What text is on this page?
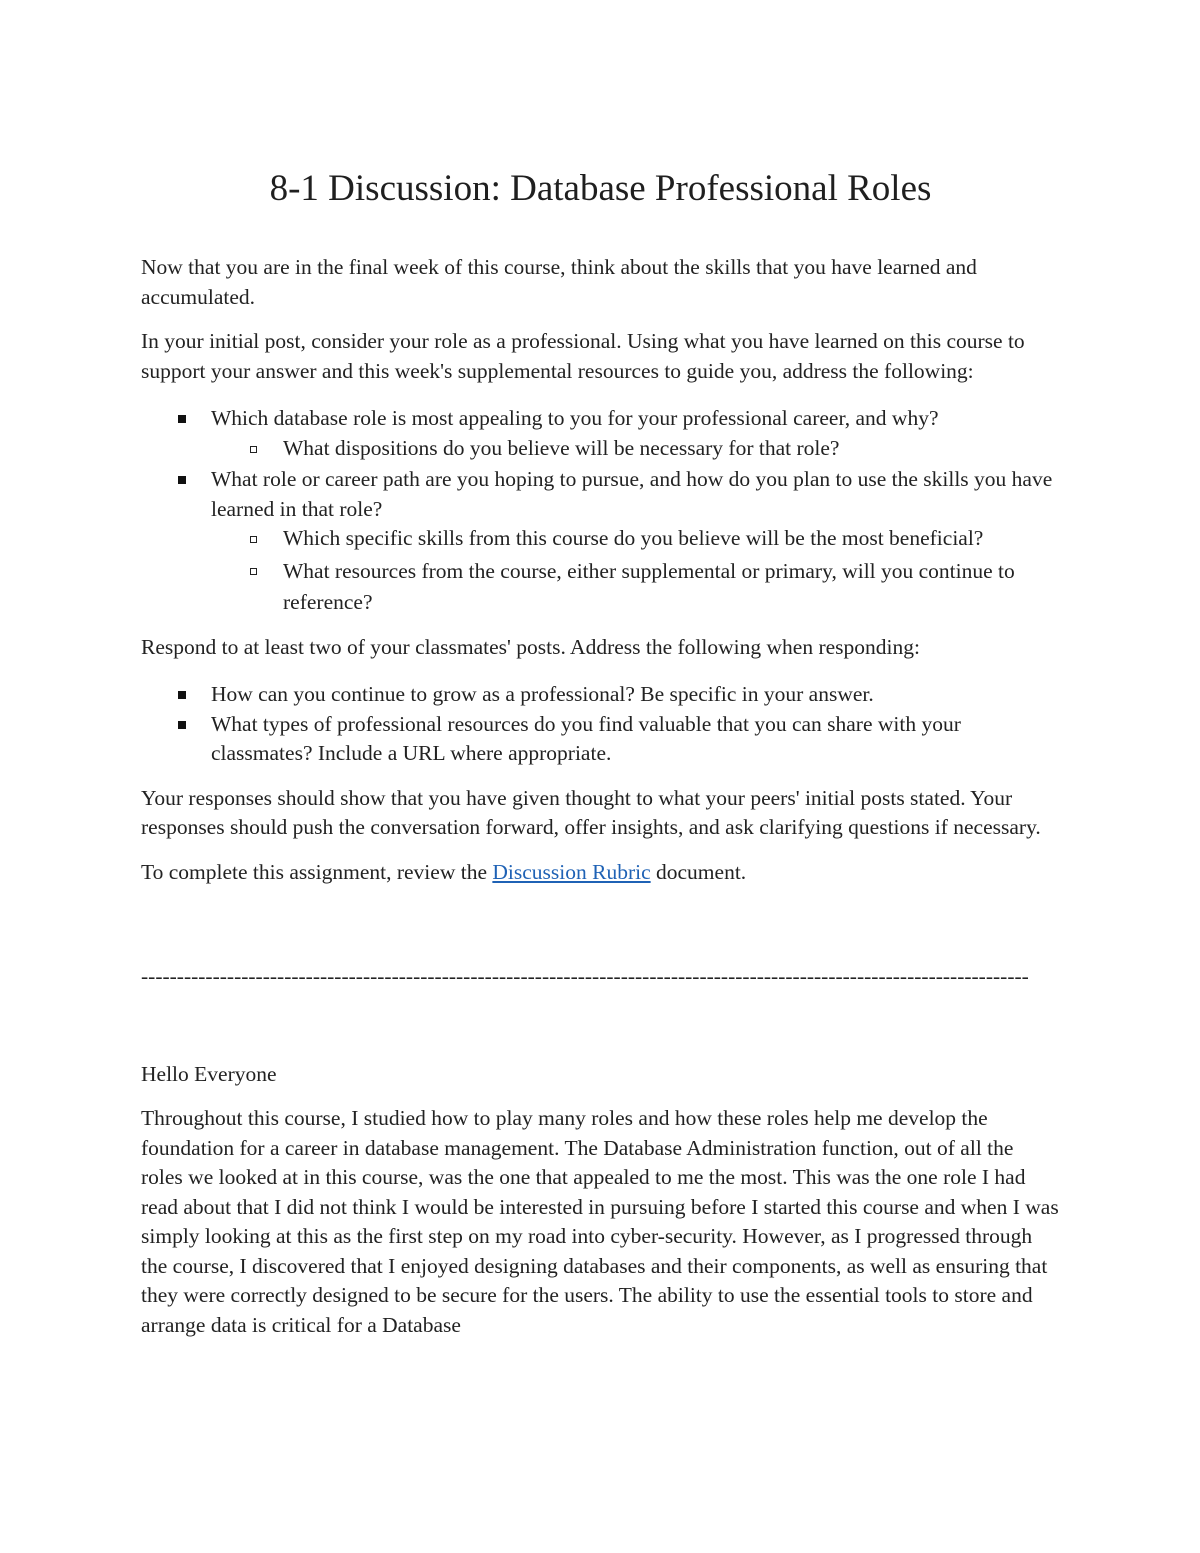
8-1 Discussion: Database Professional Roles

Now that you are in the final week of this course, think about the skills that you have learned and accumulated.

In your initial post, consider your role as a professional. Using what you have learned on this course to support your answer and this week's supplemental resources to guide you, address the following:

Which database role is most appealing to you for your professional career, and why?
What dispositions do you believe will be necessary for that role?
What role or career path are you hoping to pursue, and how do you plan to use the skills you have learned in that role?
Which specific skills from this course do you believe will be the most beneficial?
What resources from the course, either supplemental or primary, will you continue to reference?

Respond to at least two of your classmates' posts. Address the following when responding:

How can you continue to grow as a professional? Be specific in your answer.
What types of professional resources do you find valuable that you can share with your classmates? Include a URL where appropriate.

Your responses should show that you have given thought to what your peers' initial posts stated. Your responses should push the conversation forward, offer insights, and ask clarifying questions if necessary.

To complete this assignment, review the Discussion Rubric document.

----------------------------------------------------------------------------------------------------------------------------

Hello Everyone

Throughout this course, I studied how to play many roles and how these roles help me develop the foundation for a career in database management. The Database Administration function, out of all the roles we looked at in this course, was the one that appealed to me the most. This was the one role I had read about that I did not think I would be interested in pursuing before I started this course and when I was simply looking at this as the first step on my road into cyber-security. However, as I progressed through the course, I discovered that I enjoyed designing databases and their components, as well as ensuring that they were correctly designed to be secure for the users. The ability to use the essential tools to store and arrange data is critical for a Database
